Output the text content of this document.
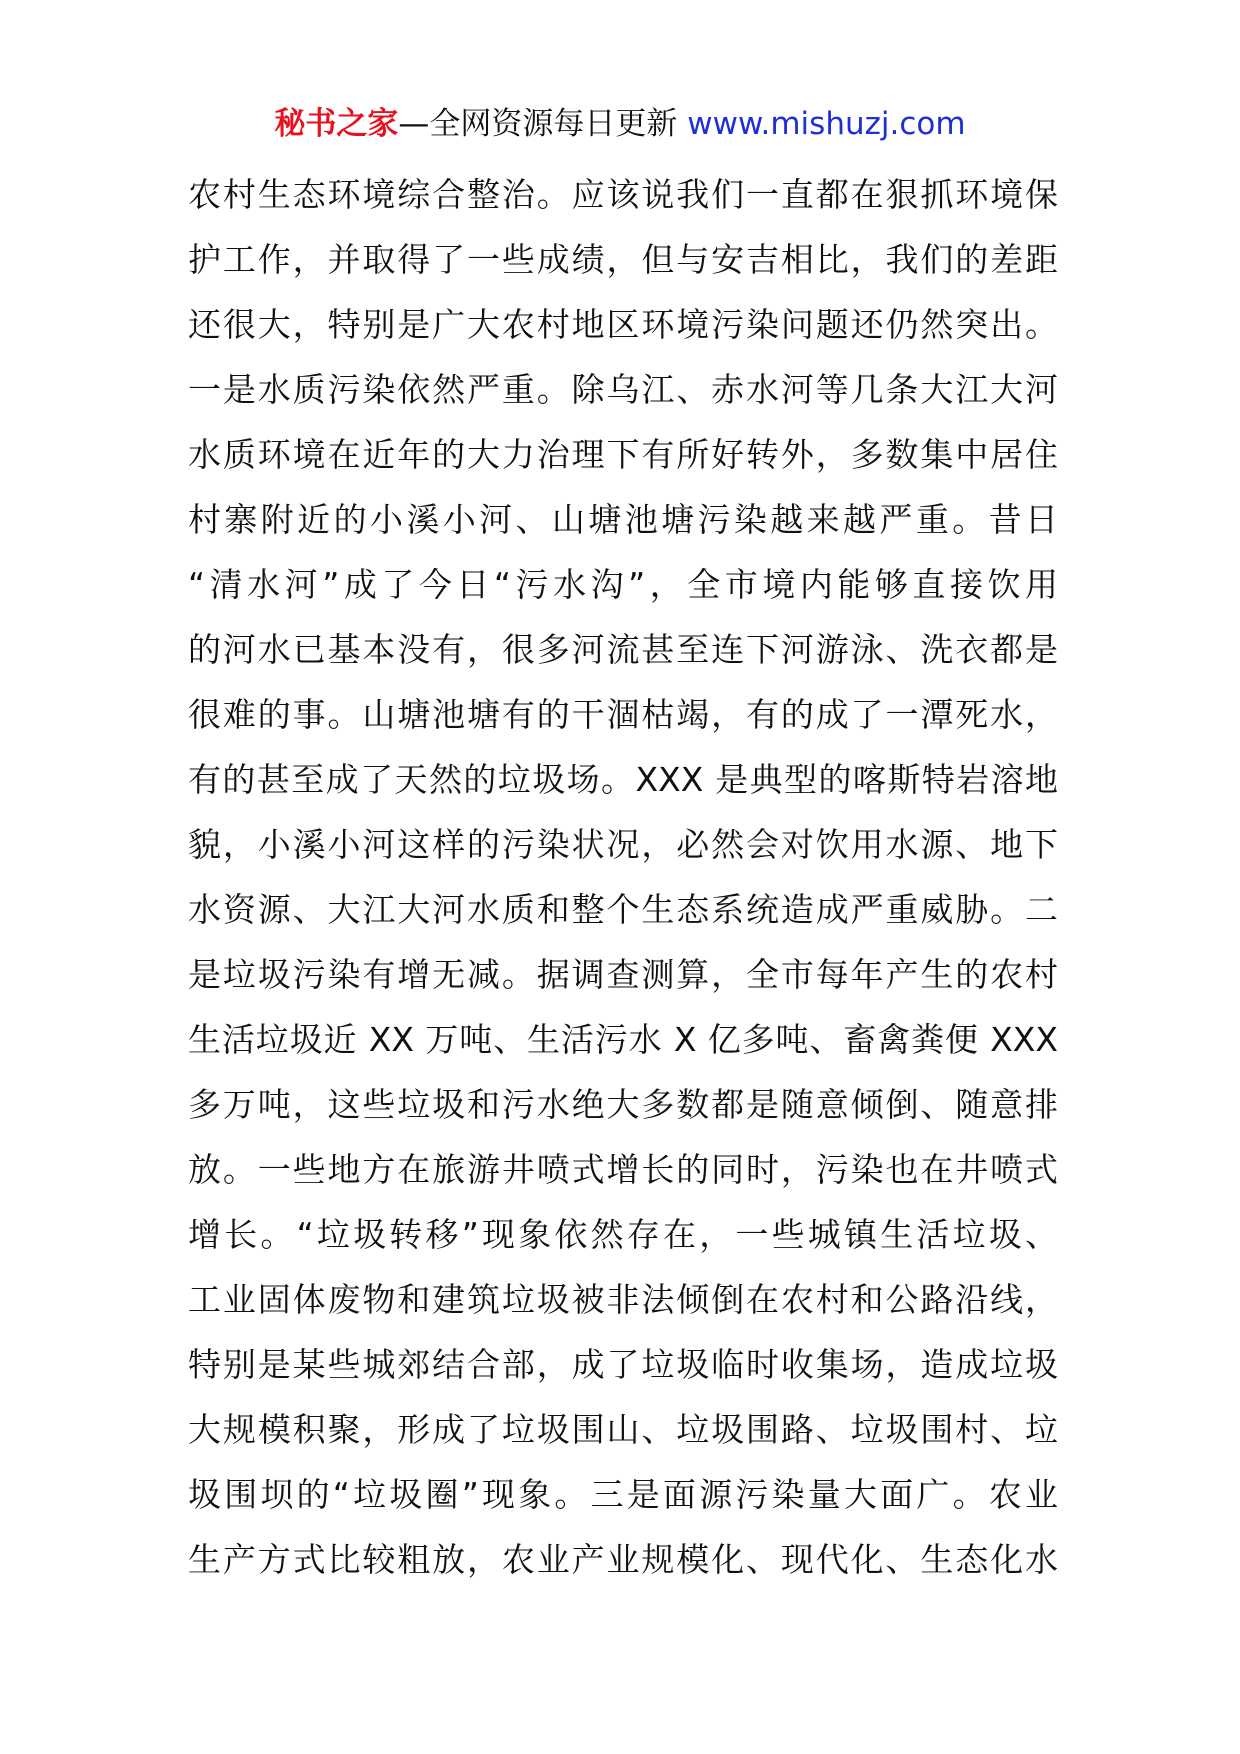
秘书之家—全网资源每日更新 www.mishuzj.com
农村生态环境综合整治。应该说我们一直都在狠抓环境保
护工作，并取得了一些成绩，但与安吉相比，我们的差距
还很大，特别是广大农村地区环境污染问题还仍然突出。
一是水质污染依然严重。除乌江、赤水河等几条大江大河
水质环境在近年的大力治理下有所好转外，多数集中居住
村寨附近的小溪小河、山塘池塘污染越来越严重。昔日
“清水河”成了今日“污水沟”，全市境内能够直接饮用
的河水已基本没有，很多河流甚至连下河游泳、洗衣都是
很难的事。山塘池塘有的干涸枯竭，有的成了一潭死水，
有的甚至成了天然的垃圾场。XXX 是典型的喀斯特岩溶地
貌，小溪小河这样的污染状况，必然会对饮用水源、地下
水资源、大江大河水质和整个生态系统造成严重威胁。二
是垃圾污染有增无减。据调查测算，全市每年产生的农村
生活垃圾近 XX 万吨、生活污水 X 亿多吨、畜禽粪便 XXX
多万吨，这些垃圾和污水绝大多数都是随意倾倒、随意排
放。一些地方在旅游井喷式增长的同时，污染也在井喷式
增长。“垃圾转移”现象依然存在，一些城镇生活垃圾、
工业固体废物和建筑垃圾被非法倾倒在农村和公路沿线，
特别是某些城郊结合部，成了垃圾临时收集场，造成垃圾
大规模积聚，形成了垃圾围山、垃圾围路、垃圾围村、垃
圾围坝的“垃圾圈”现象。三是面源污染量大面广。农业
生产方式比较粗放，农业产业规模化、现代化、生态化水
